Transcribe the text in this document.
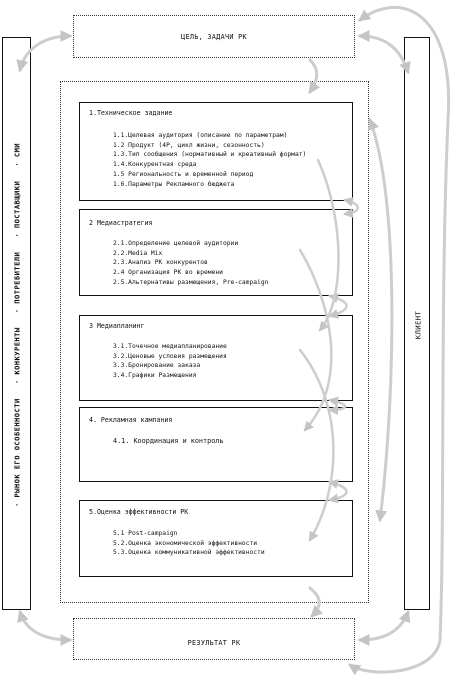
· РЫНОК ЕГО ОСОБЕННОСТИ   · КОНКУРЕНТЫ   · ПОТРЕБИТЕЛИ   · ПОСТАВЩИКИ   · СМИ
КЛИЕНТ
ЦЕЛЬ, ЗАДАЧИ РК
РЕЗУЛЬТАТ РК
1.Техническое задание
1.1.Целевая аудитория (описание по параметрам)
1.2 Продукт (4Р, цикл жизни, сезонность)
1.3.Тип сообщения (нормативный и креативный формат)
1.4.Конкурентная среда
1.5 Региональность и временной период
1.6.Параметры Рекламного бюджета
2 Медиастратегия
2.1.Определение целевой аудитории
2.2.Media Mix
2.3.Анализ РК конкурентов
2.4 Организация РК во времени
2.5.Альтернативы размещения, Pre-campaign
3 Медиапланинг
3.1.Точечное медиапланирование
3.2.Ценовые условия размещения
3.3.Бронирование заказа
3.4.Графики Размещения
4. Рекламная кампания
4.1. Координация и контроль
5.Оценка эффективности РК
5.1 Post-campaign
5.2.Оценка экономической эффективности
5.3.Оценка коммуникативной эффективности
